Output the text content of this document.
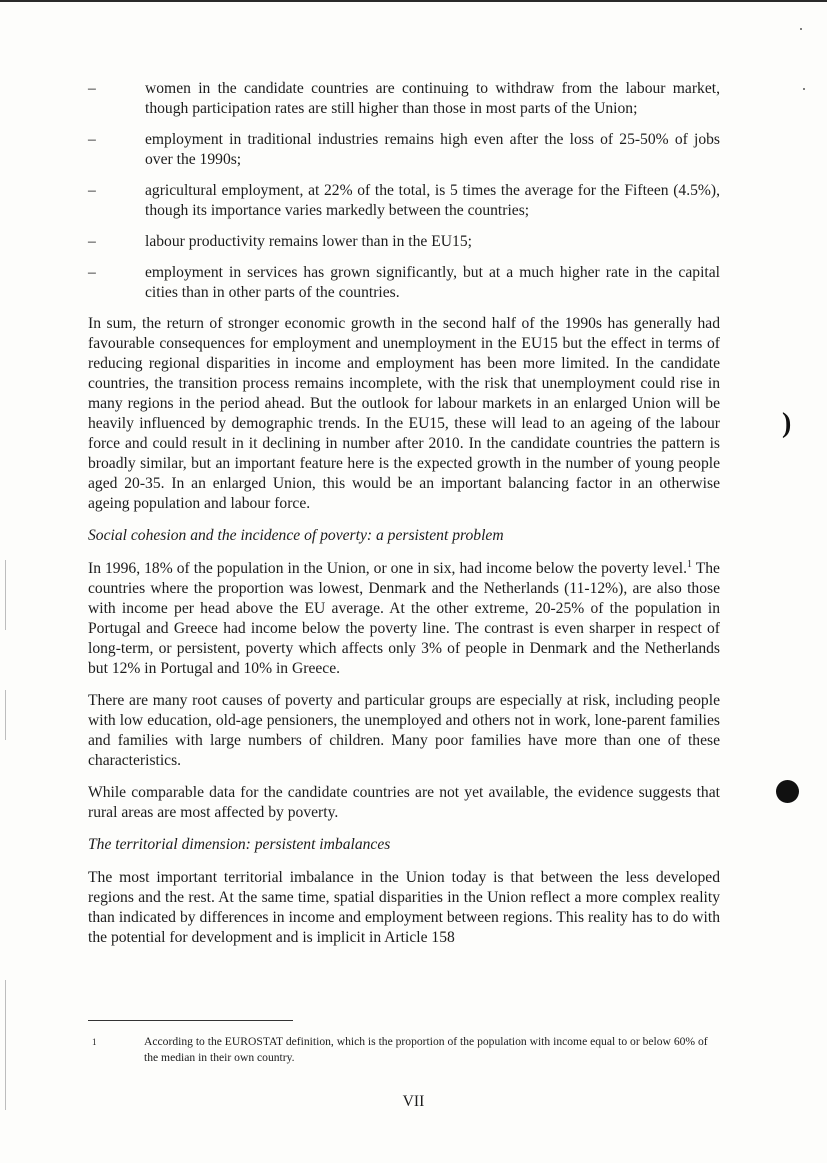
–	women in the candidate countries are continuing to withdraw from the labour market, though participation rates are still higher than those in most parts of the Union;
–	employment in traditional industries remains high even after the loss of 25-50% of jobs over the 1990s;
–	agricultural employment, at 22% of the total, is 5 times the average for the Fifteen (4.5%), though its importance varies markedly between the countries;
–	labour productivity remains lower than in the EU15;
–	employment in services has grown significantly, but at a much higher rate in the capital cities than in other parts of the countries.

In sum, the return of stronger economic growth in the second half of the 1990s has generally had favourable consequences for employment and unemployment in the EU15 but the effect in terms of reducing regional disparities in income and employment has been more limited. In the candidate countries, the transition process remains incomplete, with the risk that unemployment could rise in many regions in the period ahead. But the outlook for labour markets in an enlarged Union will be heavily influenced by demographic trends. In the EU15, these will lead to an ageing of the labour force and could result in it declining in number after 2010. In the candidate countries the pattern is broadly similar, but an important feature here is the expected growth in the number of young people aged 20-35. In an enlarged Union, this would be an important balancing factor in an otherwise ageing population and labour force.

Social cohesion and the incidence of poverty: a persistent problem

In 1996, 18% of the population in the Union, or one in six, had income below the poverty level.$^1$ The countries where the proportion was lowest, Denmark and the Netherlands (11-12%), are also those with income per head above the EU average. At the other extreme, 20-25% of the population in Portugal and Greece had income below the poverty line. The contrast is even sharper in respect of long-term, or persistent, poverty which affects only 3% of people in Denmark and the Netherlands but 12% in Portugal and 10% in Greece.

There are many root causes of poverty and particular groups are especially at risk, including people with low education, old-age pensioners, the unemployed and others not in work, lone-parent families and families with large numbers of children. Many poor families have more than one of these characteristics.

While comparable data for the candidate countries are not yet available, the evidence suggests that rural areas are most affected by poverty.

The territorial dimension: persistent imbalances

The most important territorial imbalance in the Union today is that between the less developed regions and the rest. At the same time, spatial disparities in the Union reflect a more complex reality than indicated by differences in income and employment between regions. This reality has to do with the potential for development and is implicit in Article 158

1	According to the EUROSTAT definition, which is the proportion of the population with income equal to or below 60% of the median in their own country.
VII
)
